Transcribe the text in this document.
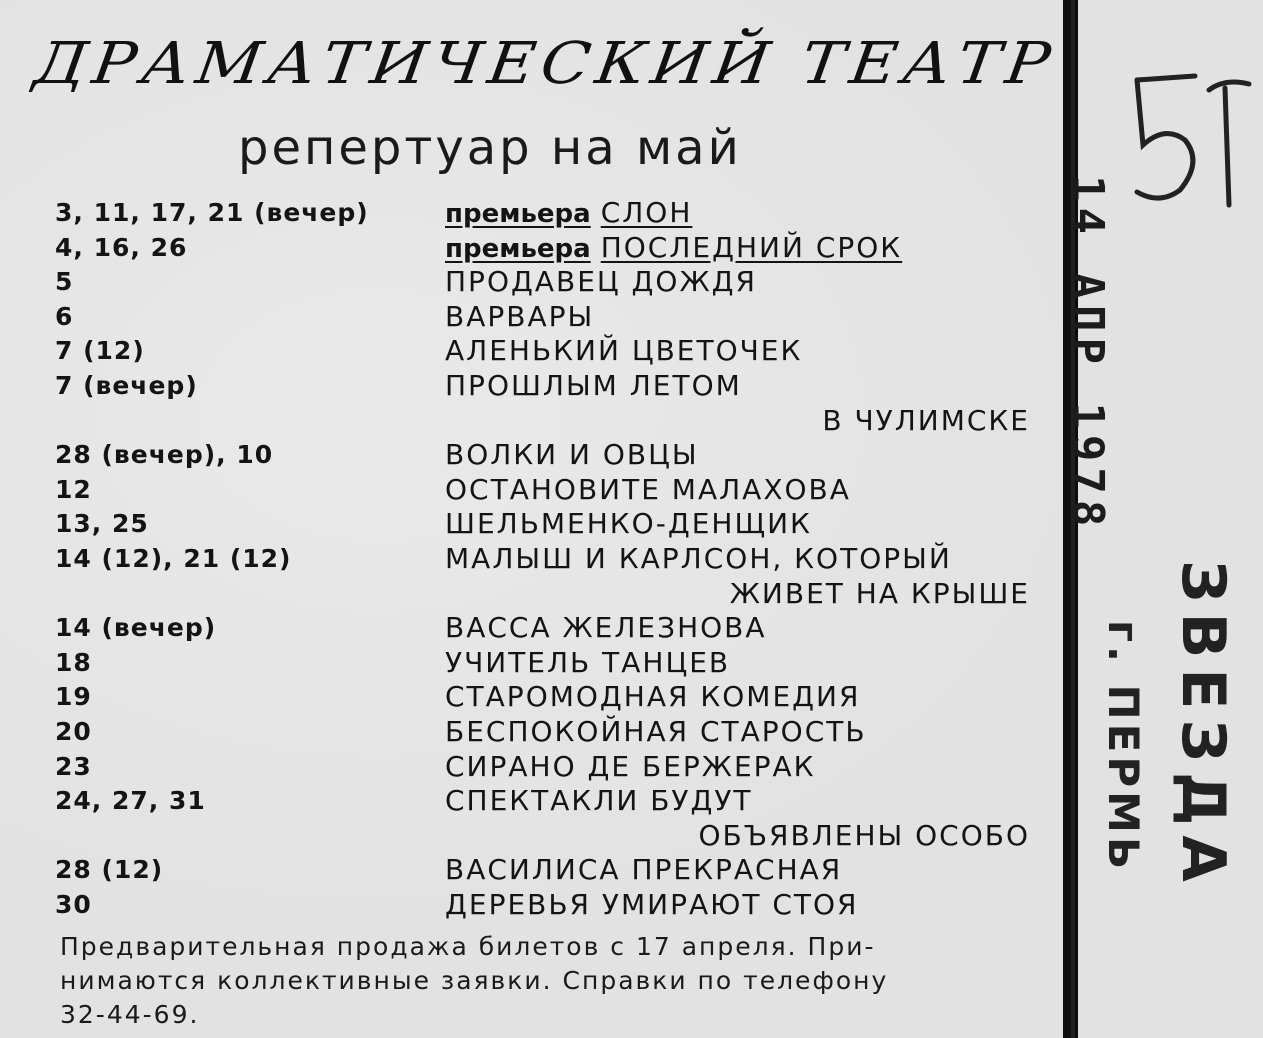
ДРАМАТИЧЕСКИЙ ТЕАТР
репертуар на май
3, 11, 17, 21 (вечер)	премьера СЛОН
4, 16, 26	премьера ПОСЛЕДНИЙ СРОК
5	ПРОДАВЕЦ ДОЖДЯ
6	ВАРВАРЫ
7 (12)	АЛЕНЬКИЙ ЦВЕТОЧЕК
7 (вечер)	ПРОШЛЫМ ЛЕТОМ
В ЧУЛИМСКЕ
28 (вечер), 10	ВОЛКИ И ОВЦЫ
12	ОСТАНОВИТЕ МАЛАХОВА
13, 25	ШЕЛЬМЕНКО-ДЕНЩИК
14 (12), 21 (12)	МАЛЫШ И КАРЛСОН, КОТОРЫЙ
ЖИВЕТ НА КРЫШЕ
14 (вечер)	ВАССА ЖЕЛЕЗНОВА
18	УЧИТЕЛЬ ТАНЦЕВ
19	СТАРОМОДНАЯ КОМЕДИЯ
20	БЕСПОКОЙНАЯ СТАРОСТЬ
23	СИРАНО ДЕ БЕРЖЕРАК
24, 27, 31	СПЕКТАКЛИ БУДУТ
ОБЪЯВЛЕНЫ ОСОБО
28 (12)	ВАСИЛИСА ПРЕКРАСНАЯ
30	ДЕРЕВЬЯ УМИРАЮТ СТОЯ
Предварительная продажа билетов с 17 апреля. При-
нимаются коллективные заявки. Справки по телефону
32-44-69.
14 АПР 1978
ЗВЕЗДА
г. ПЕРМЬ
